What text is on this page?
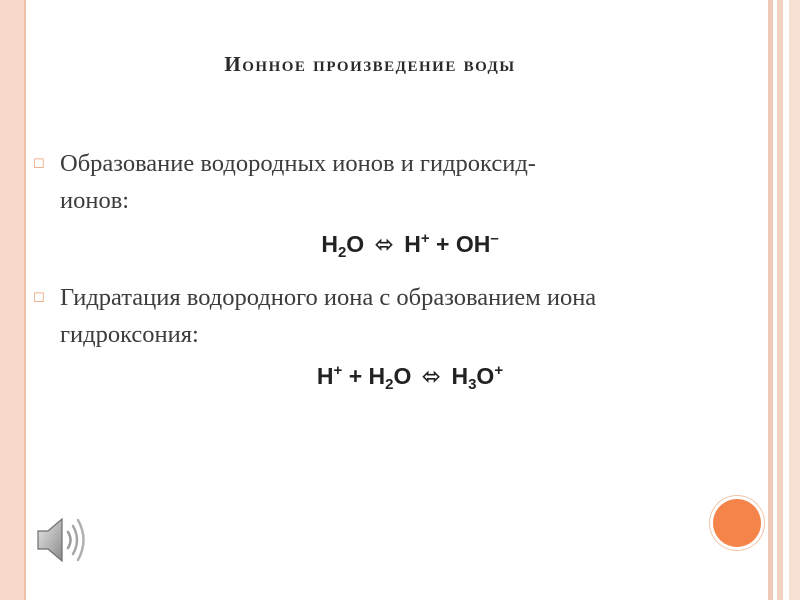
Ионное произведение воды
☐ Образование водородных ионов и гидроксид-
ионов:
$H_2O$ ⬄ H+ + OH–
☐ Гидратация водородного иона с образованием иона
гидроксония:
$H^+ + H_2O$ ⬄ $H_3O^+$
